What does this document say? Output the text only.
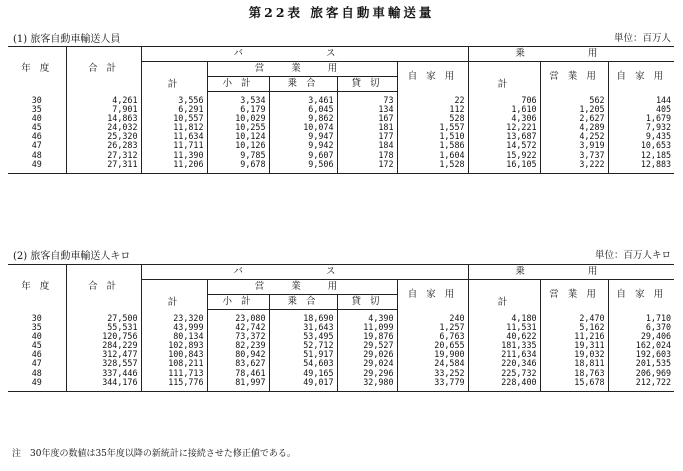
第22表 旅客自動車輸送量
(1) 旅客自動車輸送人員	単位：百万人
年 度	合 計	バ ス					乗 用		
		計	営 業 用			自 家 用	計	営 業 用	自 家 用
			小 計	乗 合	貸 切				

30	4,261	3,556	3,534	3,461	73	22	706	562	144
35	7,901	6,291	6,179	6,045	134	112	1,610	1,205	405
40	14,863	10,557	10,029	9,862	167	528	4,306	2,627	1,679
45	24,032	11,812	10,255	10,074	181	1,557	12,221	4,289	7,932
46	25,320	11,634	10,124	9,947	177	1,510	13,687	4,252	9,435
47	26,283	11,711	10,126	9,942	184	1,586	14,572	3,919	10,653
48	27,312	11,390	9,785	9,607	178	1,604	15,922	3,737	12,185
49	27,311	11,206	9,678	9,506	172	1,528	16,105	3,222	12,883

(2) 旅客自動車輸送人キロ	単位：百万人キロ
年 度	合 計	バ ス					乗 用		
		計	営 業 用			自 家 用	計	営 業 用	自 家 用
			小 計	乗 合	貸 切				

30	27,500	23,320	23,080	18,690	4,390	240	4,180	2,470	1,710
35	55,531	43,999	42,742	31,643	11,099	1,257	11,531	5,162	6,370
40	120,756	80,134	73,372	53,495	19,876	6,763	40,622	11,216	29,406
45	284,229	102,893	82,239	52,712	29,527	20,655	181,335	19,311	162,024
46	312,477	100,843	80,942	51,917	29,026	19,900	211,634	19,032	192,603
47	328,557	108,211	83,627	54,603	29,024	24,584	220,346	18,811	201,535
48	337,446	111,713	78,461	49,165	29,296	33,252	225,732	18,763	206,969
49	344,176	115,776	81,997	49,017	32,980	33,779	228,400	15,678	212,722

注　30年度の数値は35年度以降の新統計に接続させた修正値である。
